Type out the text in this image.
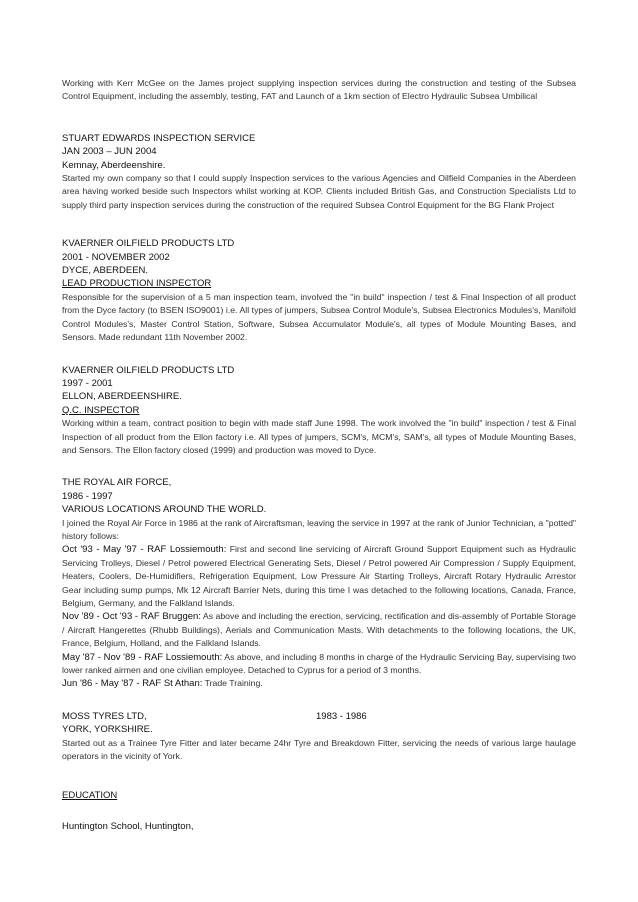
Working with Kerr McGee on the James project supplying inspection services during the construction and testing of the Subsea Control Equipment, including the assembly, testing, FAT and Launch of a 1km section of Electro Hydraulic Subsea Umbilical

STUART EDWARDS INSPECTION SERVICE
JAN 2003 – JUN 2004
Kemnay, Aberdeenshire.

Started my own company so that I could supply Inspection services to the various Agencies and Oilfield Companies in the Aberdeen area having worked beside such Inspectors whilst working at KOP. Clients included British Gas, and Construction Specialists Ltd to supply third party inspection services during the construction of the required Subsea Control Equipment for the BG Flank Project

KVAERNER OILFIELD PRODUCTS LTD
2001 - NOVEMBER 2002
DYCE, ABERDEEN.
LEAD PRODUCTION INSPECTOR

Responsible for the supervision of a 5 man inspection team, involved the "in build" inspection / test & Final Inspection of all product from the Dyce factory (to BSEN ISO9001) i.e. All types of jumpers, Subsea Control Module's, Subsea Electronics Modules's, Manifold Control Modules's, Master Control Station, Software, Subsea Accumulator Module's, all types of Module Mounting Bases, and Sensors. Made redundant 11th November 2002.

KVAERNER OILFIELD PRODUCTS LTD
1997 - 2001
ELLON, ABERDEENSHIRE.
Q.C. INSPECTOR

Working within a team, contract position to begin with made staff June 1998. The work involved the "in build" inspection / test & Final Inspection of all product from the Ellon factory i.e. All types of jumpers, SCM's, MCM's, SAM's, all types of Module Mounting Bases, and Sensors. The Ellon factory closed (1999) and production was moved to Dyce.

THE ROYAL AIR FORCE,
1986 - 1997
VARIOUS LOCATIONS AROUND THE WORLD.

I joined the Royal Air Force in 1986 at the rank of Aircraftsman, leaving the service in 1997 at the rank of Junior Technician, a "potted" history follows:

Oct '93 - May '97 - RAF Lossiemouth: First and second line servicing of Aircraft Ground Support Equipment such as Hydraulic Servicing Trolleys, Diesel / Petrol powered Electrical Generating Sets, Diesel / Petrol powered Air Compression / Supply Equipment, Heaters, Coolers, De-Humidifiers, Refrigeration Equipment, Low Pressure Air Starting Trolleys, Aircraft Rotary Hydraulic Arrestor Gear including sump pumps, Mk 12 Aircraft Barrier Nets, during this time I was detached to the following locations, Canada, France, Belgium, Germany, and the Falkland Islands.

Nov '89 - Oct '93 - RAF Bruggen: As above and including the erection, servicing, rectification and dis-assembly of Portable Storage / Aircraft Hangerettes (Rhubb Buildings), Aerials and Communication Masts. With detachments to the following locations, the UK, France, Belgium, Holland, and the Falkland Islands.

May '87 - Nov '89 - RAF Lossiemouth: As above, and including 8 months in charge of the Hydraulic Servicing Bay, supervising two lower ranked airmen and one civilian employee. Detached to Cyprus for a period of 3 months.

Jun '86 - May '87 - RAF St Athan: Trade Training.

MOSS TYRES LTD,	1983 - 1986
YORK, YORKSHIRE.

Started out as a Trainee Tyre Fitter and later became 24hr Tyre and Breakdown Fitter, servicing the needs of various large haulage operators in the vicinity of York.

EDUCATION
Huntington School, Huntington,
